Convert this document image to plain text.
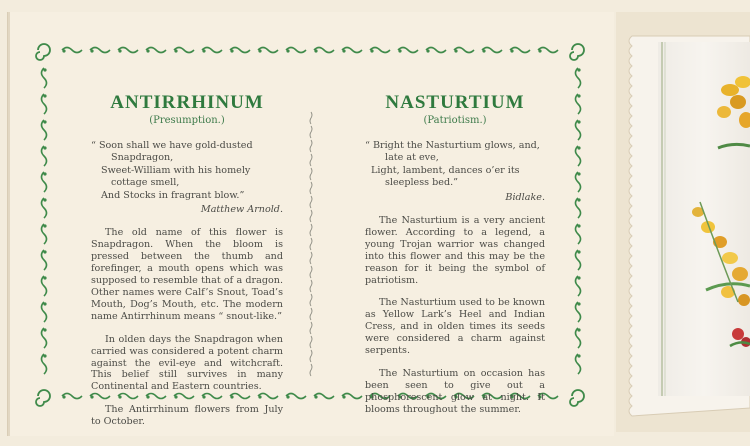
ANTIRRHINUM
(Presumption.)
“ Soon shall we have gold-dusted
Snapdragon,
Sweet-William with his homely
cottage smell,
And Stocks in fragrant blow.”
Matthew Arnold.

The old name of this flower is Snapdragon. When the bloom is pressed between the thumb and forefinger, a mouth opens which was supposed to resemble that of a dragon. Other names were Calf’s Snout, Toad’s Mouth, Dog’s Mouth, etc. The modern name Antirrhinum means “ snout-like.”

In olden days the Snapdragon when carried was considered a potent charm against the evil-eye and witchcraft. This belief still survives in many Continental and Eastern countries.

The Antirrhinum flowers from July to October.

NASTURTIUM
(Patriotism.)
“ Bright the Nasturtium glows, and,
late at eve,
Light, lambent, dances o’er its
sleepless bed.”
Bidlake.

The Nasturtium is a very ancient flower. According to a legend, a young Trojan warrior was changed into this flower and this may be the reason for it being the symbol of patriotism.

The Nasturtium used to be known as Yellow Lark’s Heel and Indian Cress, and in olden times its seeds were considered a charm against serpents.

The Nasturtium on occasion has been seen to give out a phosphorescent glow at night. It blooms throughout the summer.
